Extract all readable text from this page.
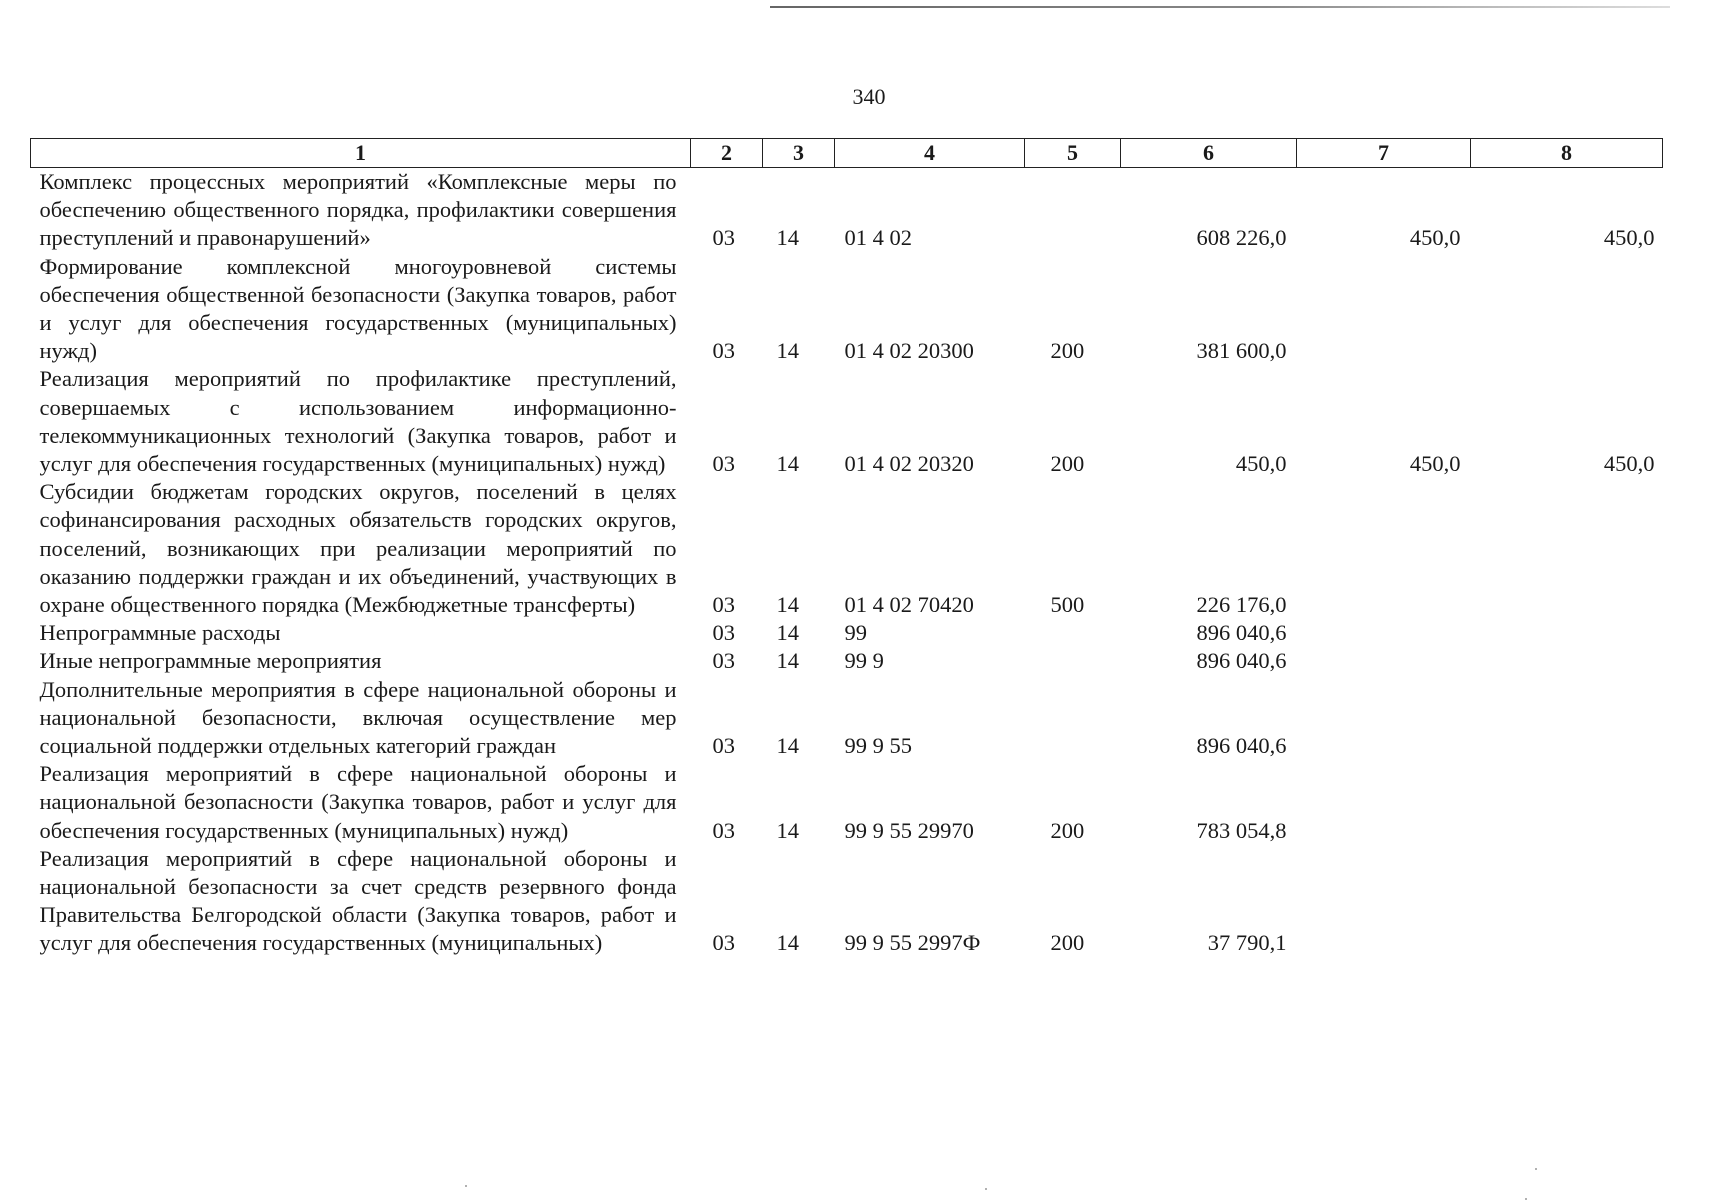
340
1	2	3	4	5	6	7	8
Комплекс процессных мероприятий «Комплексные меры по обеспечению общественного порядка, профилактики совершения преступлений и правонарушений»	03	14	01 4 02		608 226,0	450,0	450,0
Формирование комплексной многоуровневой системы обеспечения общественной безопасности (Закупка товаров, работ и услуг для обеспечения государственных (муниципальных) нужд)	03	14	01 4 02 20300	200	381 600,0		
Реализация мероприятий по профилактике преступлений, совершаемых с использованием информационно-телекоммуникационных технологий (Закупка товаров, работ и услуг для обеспечения государственных (муниципальных) нужд)	03	14	01 4 02 20320	200	450,0	450,0	450,0
Субсидии бюджетам городских округов, поселений в целях софинансирования расходных обязательств городских округов, поселений, возникающих при реализации мероприятий по оказанию поддержки граждан и их объединений, участвующих в охране общественного порядка (Межбюджетные трансферты)	03	14	01 4 02 70420	500	226 176,0		
Непрограммные расходы	03	14	99		896 040,6		
Иные непрограммные мероприятия	03	14	99 9		896 040,6		
Дополнительные мероприятия в сфере национальной обороны и национальной безопасности, включая осуществление мер социальной поддержки отдельных категорий граждан	03	14	99 9 55		896 040,6		
Реализация мероприятий в сфере национальной обороны и национальной безопасности (Закупка товаров, работ и услуг для обеспечения государственных (муниципальных) нужд)	03	14	99 9 55 29970	200	783 054,8		
Реализация мероприятий в сфере национальной обороны и национальной безопасности за счет средств резервного фонда Правительства Белгородской области (Закупка товаров, работ и услуг для обеспечения государственных (муниципальных)	03	14	99 9 55 2997Ф	200	37 790,1		
